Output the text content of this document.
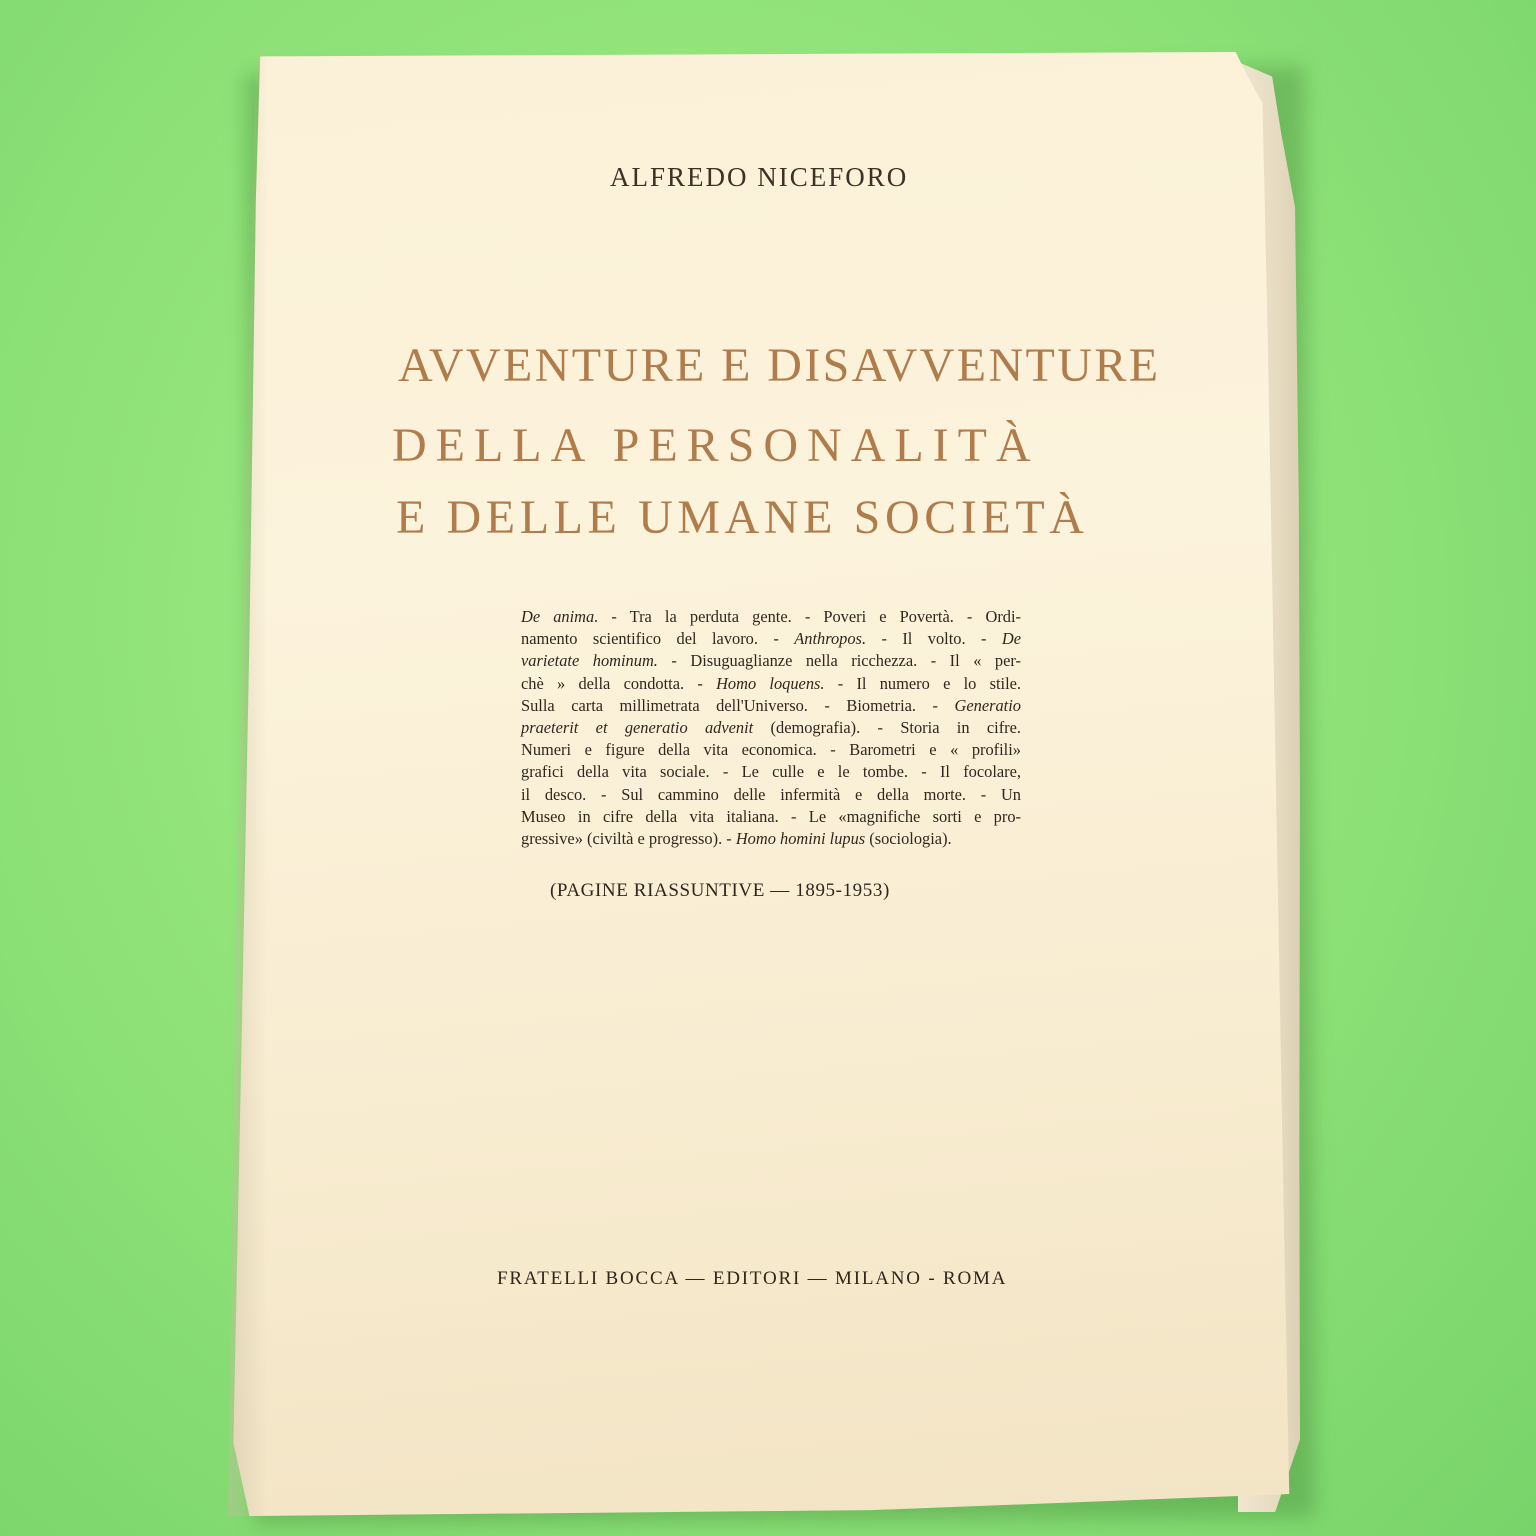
ALFREDO NICEFORO
AVVENTURE E DISAVVENTURE
DELLA PERSONALITÀ
E DELLE UMANE SOCIETÀ
De anima. - Tra la perduta gente. - Poveri e Povertà. - Ordi-
namento scientifico del lavoro. - Anthropos. - Il volto. - De
varietate hominum. - Disuguaglianze nella ricchezza. - Il « per-
chè » della condotta. - Homo loquens. - Il numero e lo stile.
Sulla carta millimetrata dell'Universo. - Biometria. - Generatio
praeterit et generatio advenit (demografia). - Storia in cifre.
Numeri e figure della vita economica. - Barometri e « profili»
grafici della vita sociale. - Le culle e le tombe. - Il focolare,
il desco. - Sul cammino delle infermità e della morte. - Un
Museo in cifre della vita italiana. - Le «magnifiche sorti e pro-
gressive» (civiltà e progresso). - Homo homini lupus (sociologia).
(PAGINE RIASSUNTIVE — 1895-1953)
FRATELLI BOCCA — EDITORI — MILANO - ROMA
